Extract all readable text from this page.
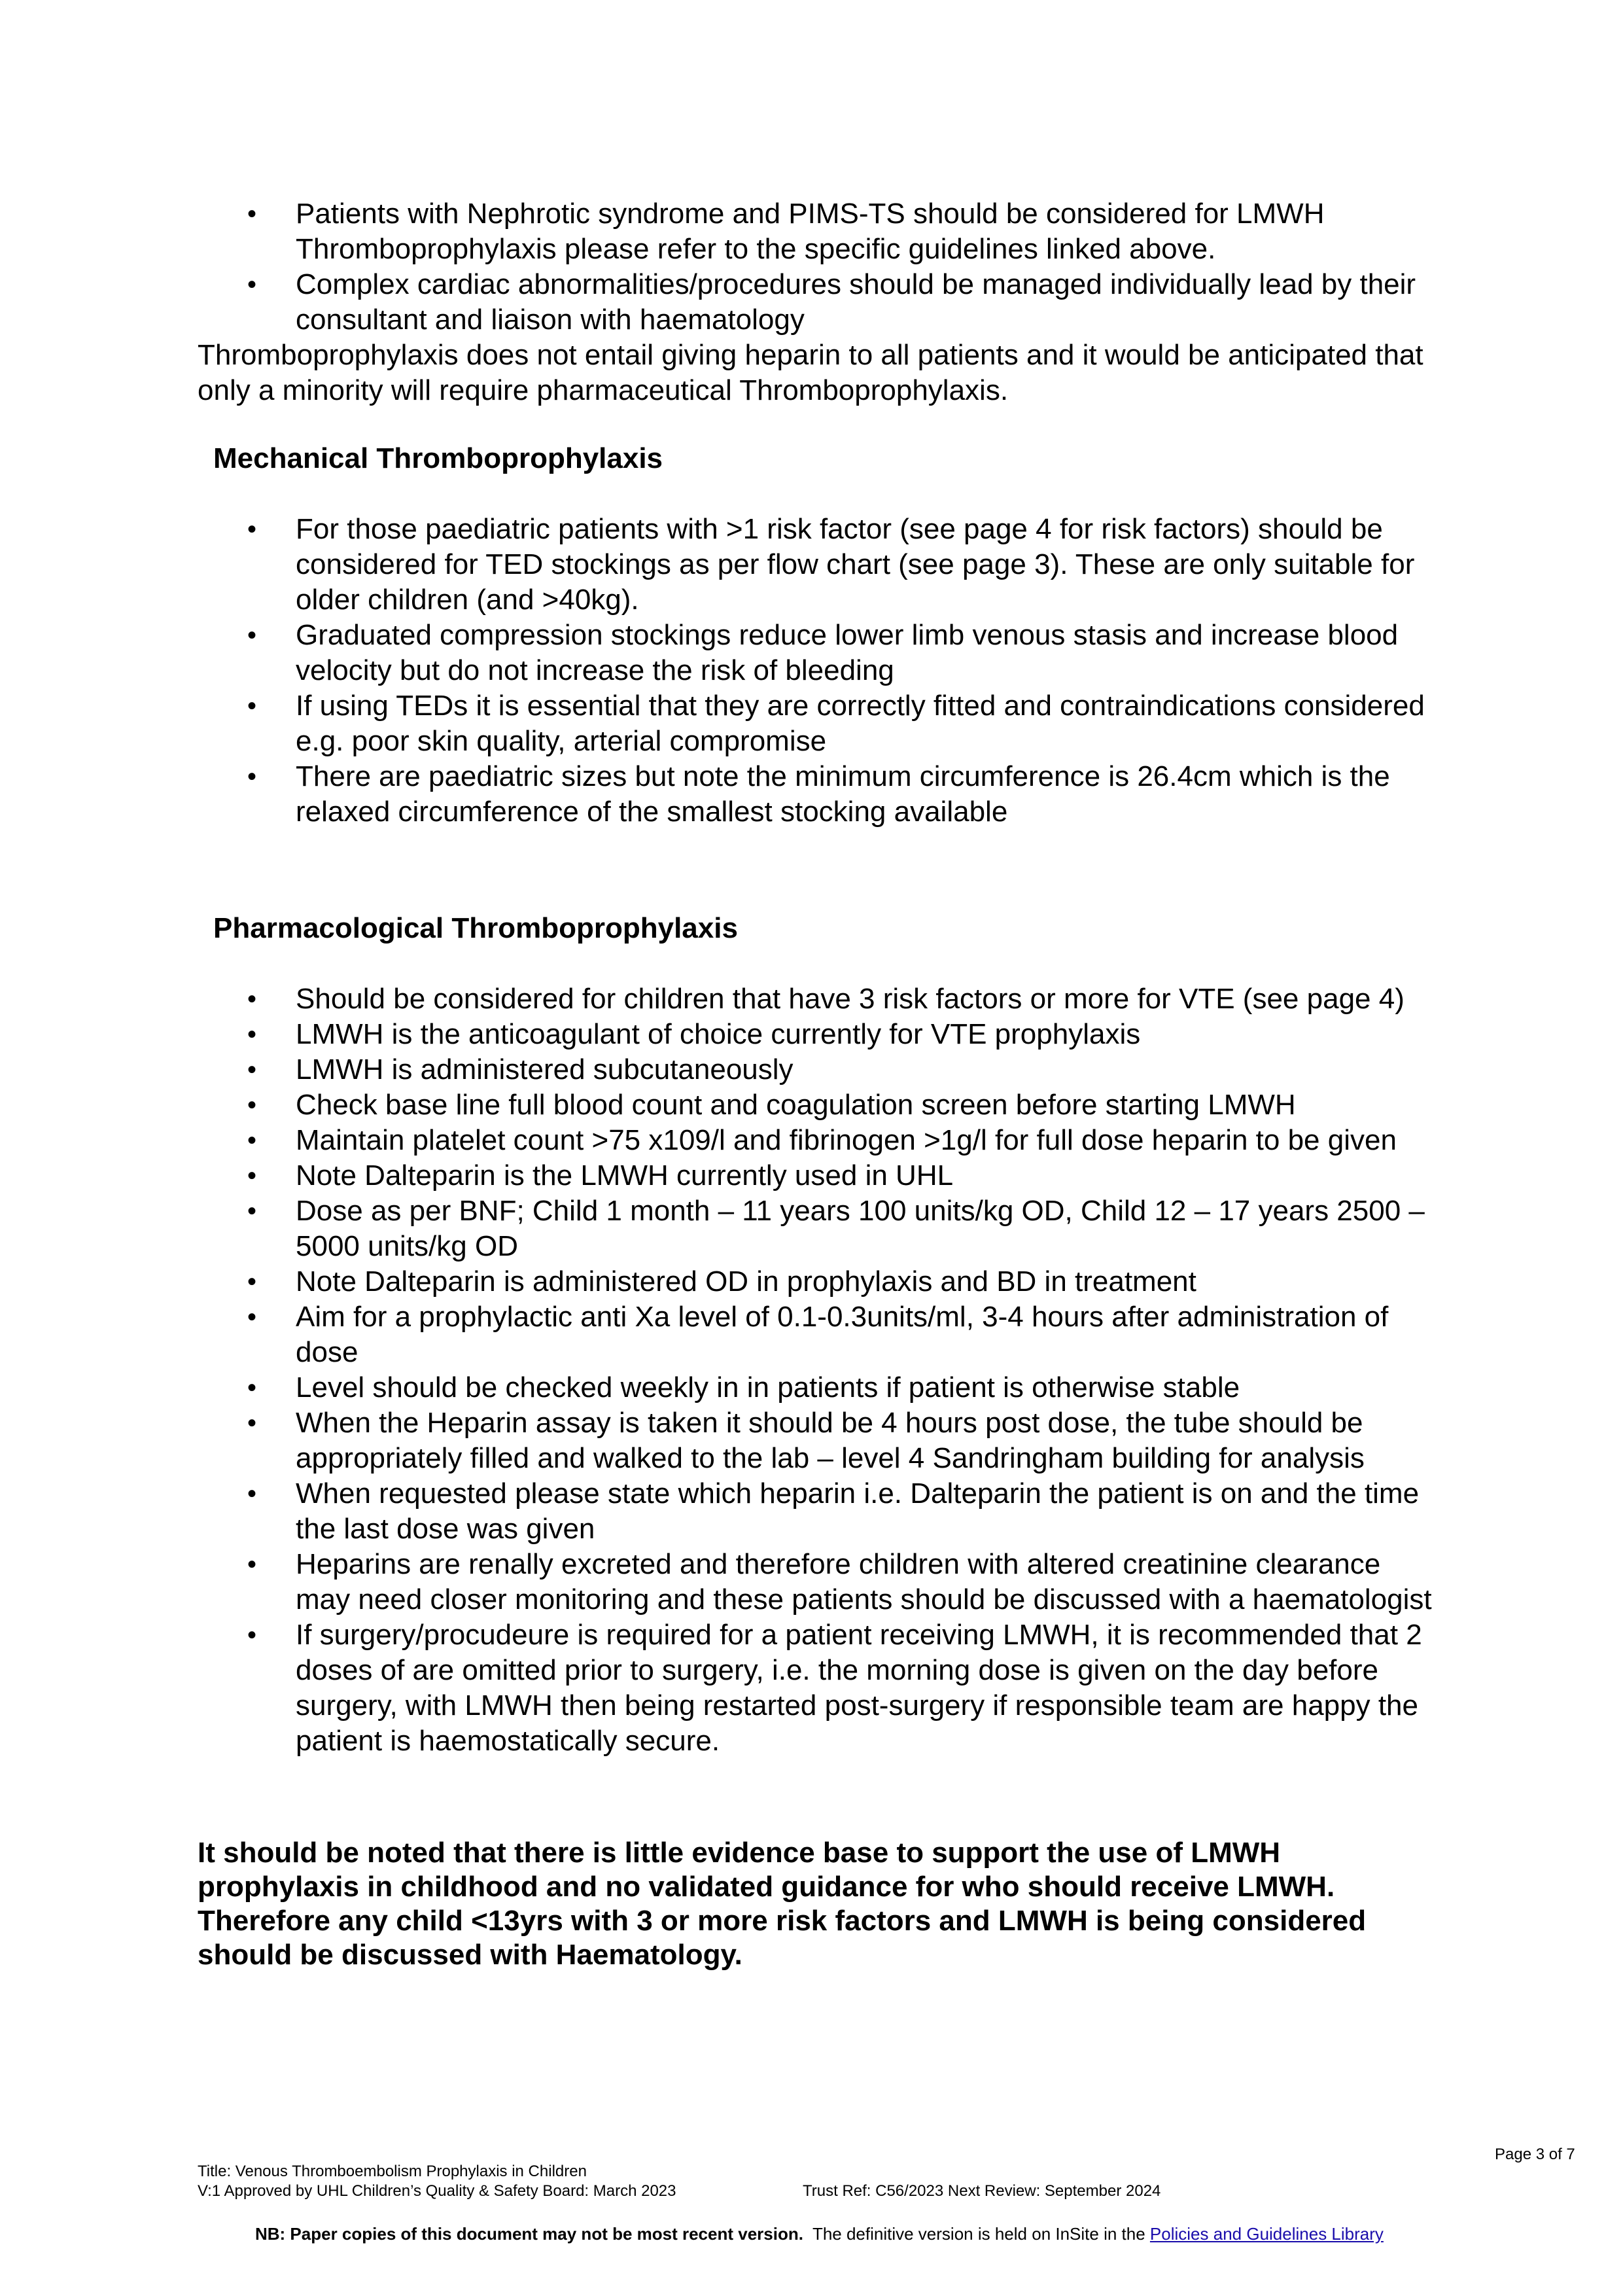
•	Patients with Nephrotic syndrome and PIMS-TS should be considered for LMWH Thromboprophylaxis please refer to the specific guidelines linked above.
•	Complex cardiac abnormalities/procedures should be managed individually lead by their consultant and liaison with haematology
Thromboprophylaxis does not entail giving heparin to all patients and it would be anticipated that only a minority will require pharmaceutical Thromboprophylaxis.
Mechanical Thromboprophylaxis
•	For those paediatric patients with >1 risk factor (see page 4 for risk factors) should be considered for TED stockings as per flow chart (see page 3). These are only suitable for older children (and >40kg).
•	Graduated compression stockings reduce lower limb venous stasis and increase blood velocity but do not increase the risk of bleeding
•	If using TEDs it is essential that they are correctly fitted and contraindications considered e.g. poor skin quality, arterial compromise
•	There are paediatric sizes but note the minimum circumference is 26.4cm which is the relaxed circumference of the smallest stocking available
Pharmacological Thromboprophylaxis
•	Should be considered for children that have 3 risk factors or more for VTE (see page 4)
•	LMWH is the anticoagulant of choice currently for VTE prophylaxis
•	LMWH is administered subcutaneously
•	Check base line full blood count and coagulation screen before starting LMWH
•	Maintain platelet count >75 x109/l and fibrinogen >1g/l for full dose heparin to be given
•	Note Dalteparin is the LMWH currently used in UHL
•	Dose as per BNF; Child 1 month – 11 years 100 units/kg OD, Child 12 – 17 years 2500 – 5000 units/kg OD
•	Note Dalteparin is administered OD in prophylaxis and BD in treatment
•	Aim for a prophylactic anti Xa level of 0.1-0.3units/ml, 3-4 hours after administration of dose
•	Level should be checked weekly in in patients if patient is otherwise stable
•	When the Heparin assay is taken it should be 4 hours post dose, the tube should be appropriately filled and walked to the lab – level 4 Sandringham building for analysis
•	When requested please state which heparin i.e. Dalteparin the patient is on and the time the last dose was given
•	Heparins are renally excreted and therefore children with altered creatinine clearance may need closer monitoring and these patients should be discussed with a haematologist
•	If surgery/procudeure is required for a patient receiving LMWH, it is recommended that 2 doses of are omitted prior to surgery, i.e. the morning dose is given on the day before surgery, with LMWH then being restarted post-surgery if responsible team are happy the patient is haemostatically secure.
It should be noted that there is little evidence base to support the use of LMWH prophylaxis in childhood and no validated guidance for who should receive LMWH. Therefore any child <13yrs with 3 or more risk factors and LMWH is being considered should be discussed with Haematology.
Page 3 of 7
Title: Venous Thromboembolism Prophylaxis in Children
V:1 Approved by UHL Children’s Quality & Safety Board: March 2023	Trust Ref: C56/2023 Next Review: September 2024
NB: Paper copies of this document may not be most recent version.  The definitive version is held on InSite in the Policies and Guidelines Library
